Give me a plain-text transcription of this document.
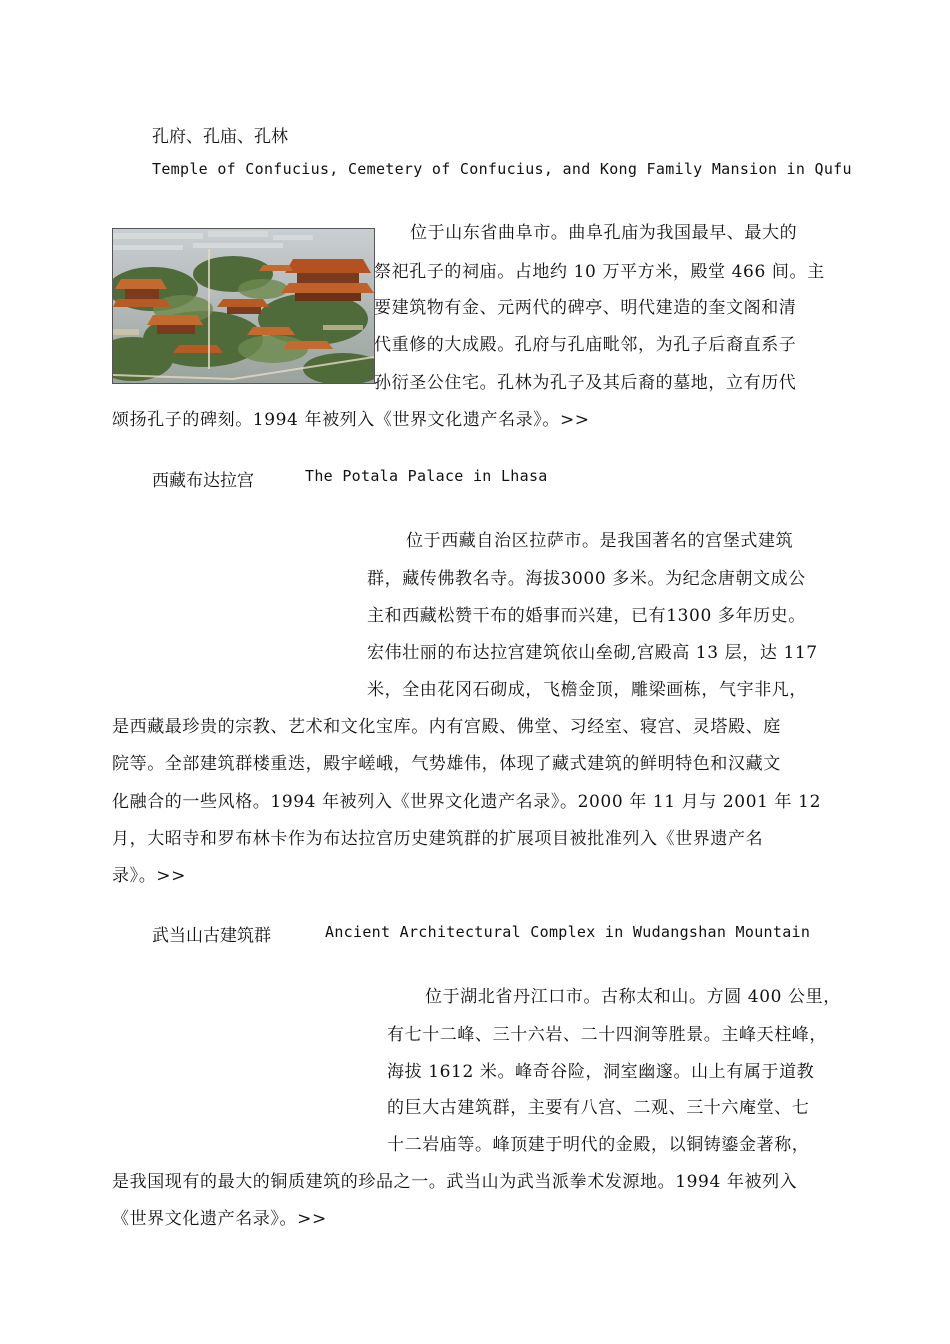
孔府、孔庙、孔林
Temple of Confucius, Cemetery of Confucius, and Kong Family Mansion in Qufu
位于山东省曲阜市。曲阜孔庙为我国最早、最大的
祭祀孔子的祠庙。占地约 10 万平方米，殿堂 466 间。主
要建筑物有金、元两代的碑亭、明代建造的奎文阁和清
代重修的大成殿。孔府与孔庙毗邻，为孔子后裔直系子
孙衍圣公住宅。孔林为孔子及其后裔的墓地，立有历代
颂扬孔子的碑刻。1994 年被列入《世界文化遗产名录》。>>
西藏布达拉宫	The Potala Palace in Lhasa
位于西藏自治区拉萨市。是我国著名的宫堡式建筑
群，藏传佛教名寺。海拔3000 多米。为纪念唐朝文成公
主和西藏松赞干布的婚事而兴建，已有1300 多年历史。
宏伟壮丽的布达拉宫建筑依山垒砌,宫殿高 13 层，达 117
米，全由花冈石砌成，飞檐金顶，雕梁画栋，气宇非凡，
是西藏最珍贵的宗教、艺术和文化宝库。内有宫殿、佛堂、习经室、寝宫、灵塔殿、庭
院等。全部建筑群楼重迭，殿宇嵯峨，气势雄伟，体现了藏式建筑的鲜明特色和汉藏文
化融合的一些风格。1994 年被列入《世界文化遗产名录》。2000 年 11 月与 2001 年 12
月，大昭寺和罗布林卡作为布达拉宫历史建筑群的扩展项目被批准列入《世界遗产名
录》。>>
武当山古建筑群	Ancient Architectural Complex in Wudangshan Mountain
位于湖北省丹江口市。古称太和山。方圆 400 公里，
有七十二峰、三十六岩、二十四涧等胜景。主峰天柱峰，
海拔 1612 米。峰奇谷险，洞室幽邃。山上有属于道教
的巨大古建筑群，主要有八宫、二观、三十六庵堂、七
十二岩庙等。峰顶建于明代的金殿，以铜铸鎏金著称，
是我国现有的最大的铜质建筑的珍品之一。武当山为武当派拳术发源地。1994 年被列入
《世界文化遗产名录》。>>
